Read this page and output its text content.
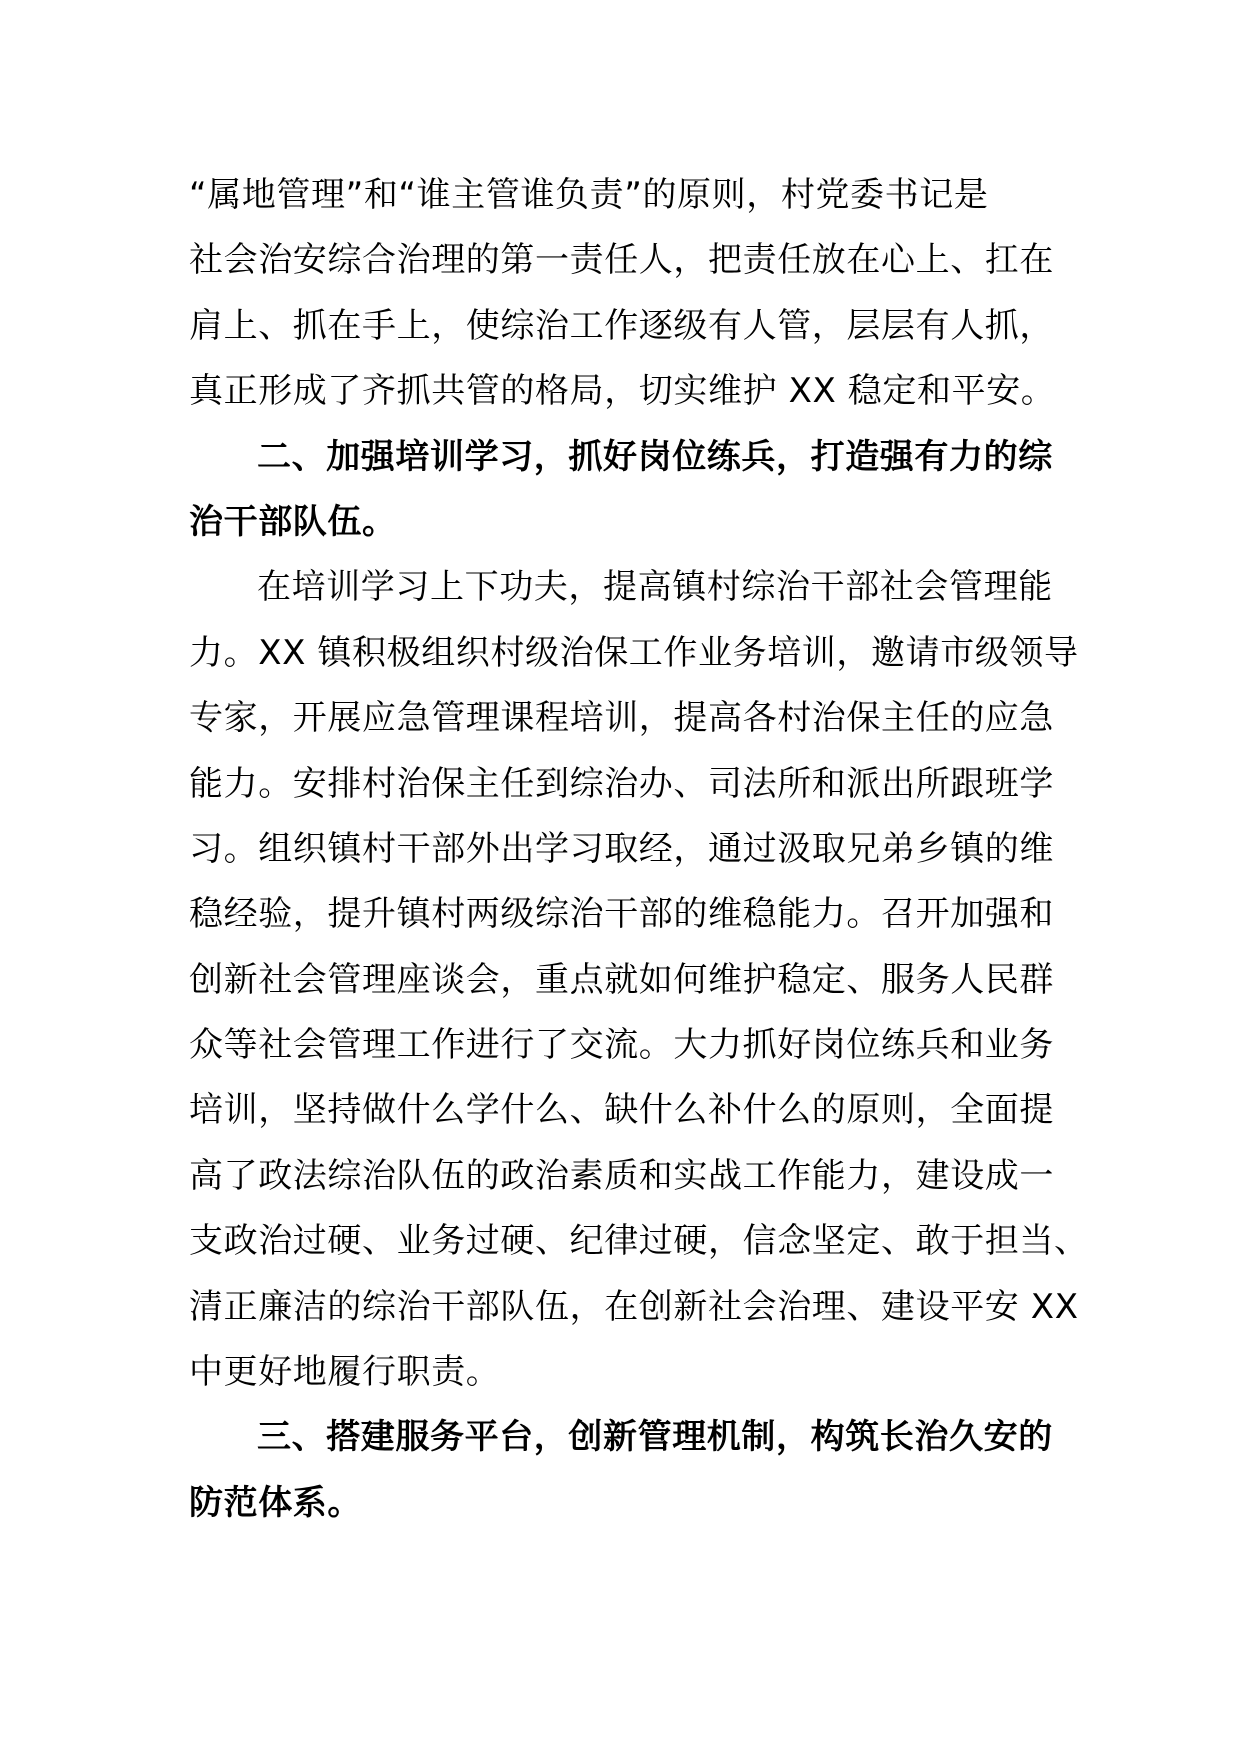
“属地管理”和“谁主管谁负责”的原则，村党委书记是
社会治安综合治理的第一责任人，把责任放在心上、扛在
肩上、抓在手上，使综治工作逐级有人管，层层有人抓，
真正形成了齐抓共管的格局，切实维护 XX 稳定和平安。
二、加强培训学习，抓好岗位练兵，打造强有力的综
治干部队伍。
在培训学习上下功夫，提高镇村综治干部社会管理能
力。XX 镇积极组织村级治保工作业务培训，邀请市级领导
专家，开展应急管理课程培训，提高各村治保主任的应急
能力。安排村治保主任到综治办、司法所和派出所跟班学
习。组织镇村干部外出学习取经，通过汲取兄弟乡镇的维
稳经验，提升镇村两级综治干部的维稳能力。召开加强和
创新社会管理座谈会，重点就如何维护稳定、服务人民群
众等社会管理工作进行了交流。大力抓好岗位练兵和业务
培训，坚持做什么学什么、缺什么补什么的原则，全面提
高了政法综治队伍的政治素质和实战工作能力，建设成一
支政治过硬、业务过硬、纪律过硬，信念坚定、敢于担当、
清正廉洁的综治干部队伍，在创新社会治理、建设平安 XX
中更好地履行职责。
三、搭建服务平台，创新管理机制，构筑长治久安的
防范体系。
